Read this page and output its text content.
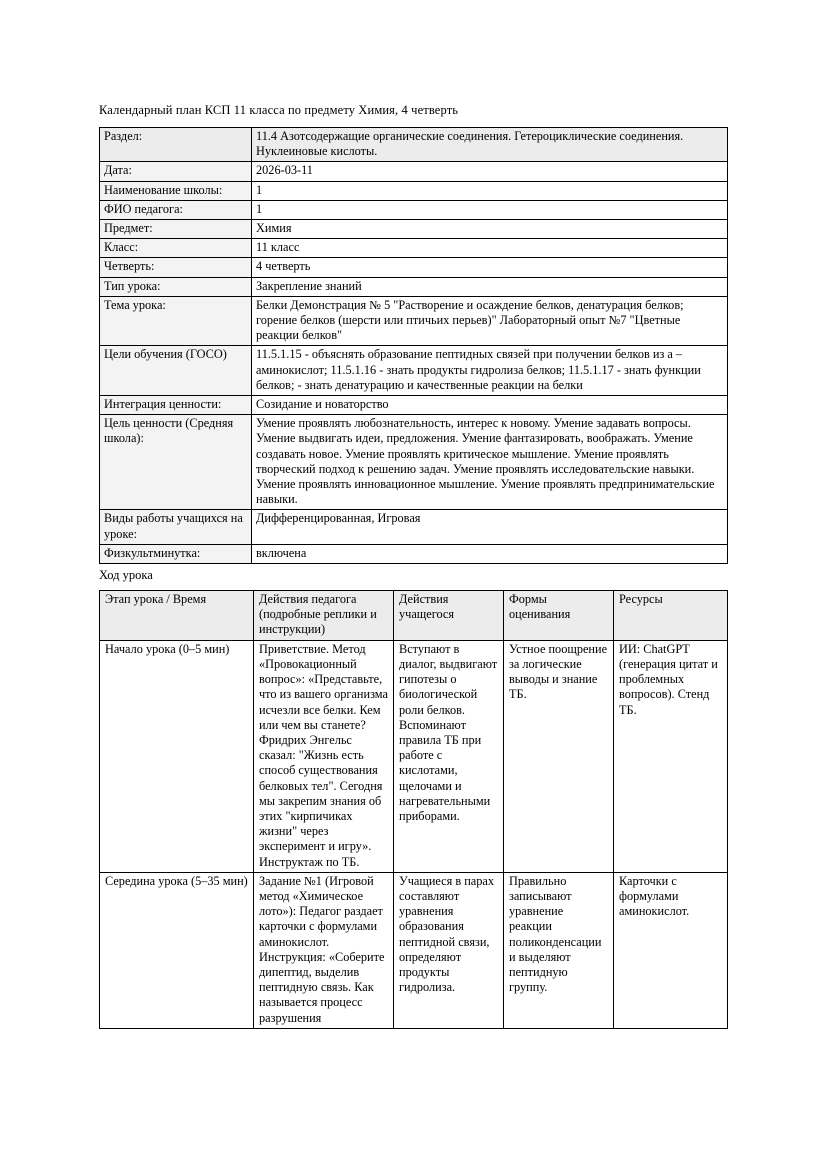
Календарный план КСП 11 класса по предмету Химия, 4 четверть
Раздел:	11.4 Азотсодержащие органические соединения. Гетероциклические соединения. Нуклеиновые кислоты.
Дата:	2026-03-11
Наименование школы:	1
ФИО педагога:	1
Предмет:	Химия
Класс:	11 класс
Четверть:	4 четверть
Тип урока:	Закрепление знаний
Тема урока:	Белки Демонстрация № 5 "Растворение и осаждение белков, денатурация белков; горение белков (шерсти или птичьих перьев)" Лабораторный опыт №7 "Цветные реакции белков"
Цели обучения (ГОСО)	11.5.1.15 - объяснять образование пептидных связей при получении белков из а – аминокислот; 11.5.1.16 - знать продукты гидролиза белков; 11.5.1.17 - знать функции белков; - знать денатурацию и качественные реакции на белки
Интеграция ценности:	Созидание и новаторство
Цель ценности (Средняя школа):	Умение проявлять любознательность, интерес к новому. Умение задавать вопросы. Умение выдвигать идеи, предложения. Умение фантазировать, воображать. Умение создавать новое. Умение проявлять критическое мышление. Умение проявлять творческий подход к решению задач. Умение проявлять исследовательские навыки. Умение проявлять инновационное мышление. Умение проявлять предпринимательские навыки.
Виды работы учащихся на уроке:	Дифференцированная, Игровая
Физкультминутка:	включена
Ход урока
Этап урока / Время	Действия педагога (подробные реплики и инструкции)	Действия учащегося	Формы оценивания	Ресурсы
Начало урока (0–5 мин)	Приветствие. Метод «Провокационный вопрос»: «Представьте, что из вашего организма исчезли все белки. Кем или чем вы станете? Фридрих Энгельс сказал: "Жизнь есть способ существования белковых тел". Сегодня мы закрепим знания об этих "кирпичиках жизни" через эксперимент и игру». Инструктаж по ТБ.	Вступают в диалог, выдвигают гипотезы о биологической роли белков. Вспоминают правила ТБ при работе с кислотами, щелочами и нагревательными приборами.	Устное поощрение за логические выводы и знание ТБ.	ИИ: ChatGPT (генерация цитат и проблемных вопросов). Стенд ТБ.
Середина урока (5–35 мин)	Задание №1 (Игровой метод «Химическое лото»): Педагог раздает карточки с формулами аминокислот. Инструкция: «Соберите дипептид, выделив пептидную связь. Как называется процесс разрушения	Учащиеся в парах составляют уравнения образования пептидной связи, определяют продукты гидролиза.	Правильно записывают уравнение реакции поликонденсации и выделяют пептидную группу.	Карточки с формулами аминокислот.
